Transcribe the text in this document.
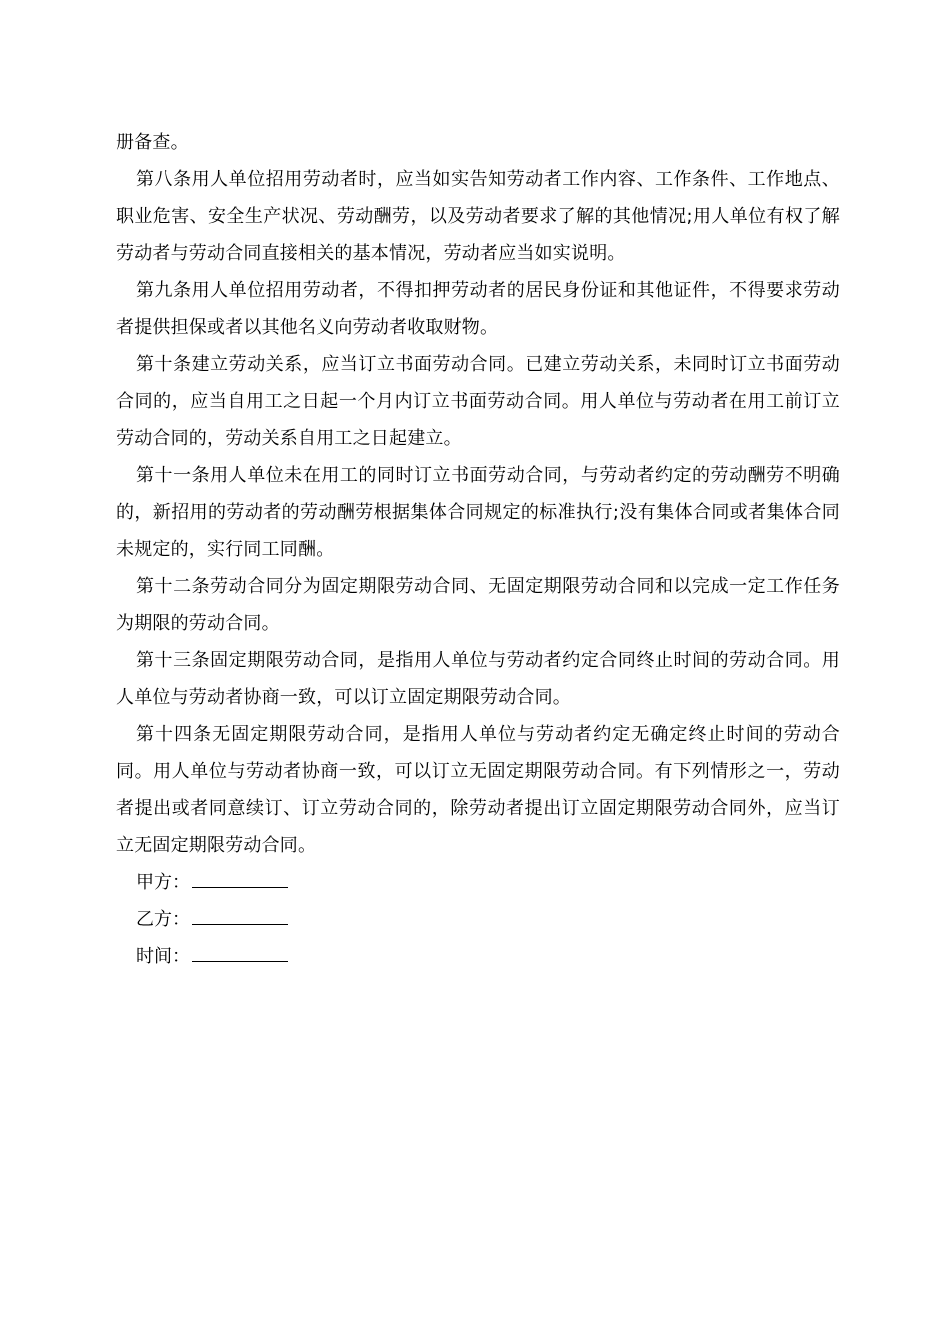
册备查。

第八条用人单位招用劳动者时，应当如实告知劳动者工作内容、工作条件、工作地点、职业危害、安全生产状况、劳动酬劳，以及劳动者要求了解的其他情况;用人单位有权了解劳动者与劳动合同直接相关的基本情况，劳动者应当如实说明。

第九条用人单位招用劳动者，不得扣押劳动者的居民身份证和其他证件，不得要求劳动者提供担保或者以其他名义向劳动者收取财物。

第十条建立劳动关系，应当订立书面劳动合同。已建立劳动关系，未同时订立书面劳动合同的，应当自用工之日起一个月内订立书面劳动合同。用人单位与劳动者在用工前订立劳动合同的，劳动关系自用工之日起建立。

第十一条用人单位未在用工的同时订立书面劳动合同，与劳动者约定的劳动酬劳不明确的，新招用的劳动者的劳动酬劳根据集体合同规定的标准执行;没有集体合同或者集体合同未规定的，实行同工同酬。

第十二条劳动合同分为固定期限劳动合同、无固定期限劳动合同和以完成一定工作任务为期限的劳动合同。

第十三条固定期限劳动合同，是指用人单位与劳动者约定合同终止时间的劳动合同。用人单位与劳动者协商一致，可以订立固定期限劳动合同。

第十四条无固定期限劳动合同，是指用人单位与劳动者约定无确定终止时间的劳动合同。用人单位与劳动者协商一致，可以订立无固定期限劳动合同。有下列情形之一，劳动者提出或者同意续订、订立劳动合同的，除劳动者提出订立固定期限劳动合同外，应当订立无固定期限劳动合同。

甲方：
乙方：
时间：
